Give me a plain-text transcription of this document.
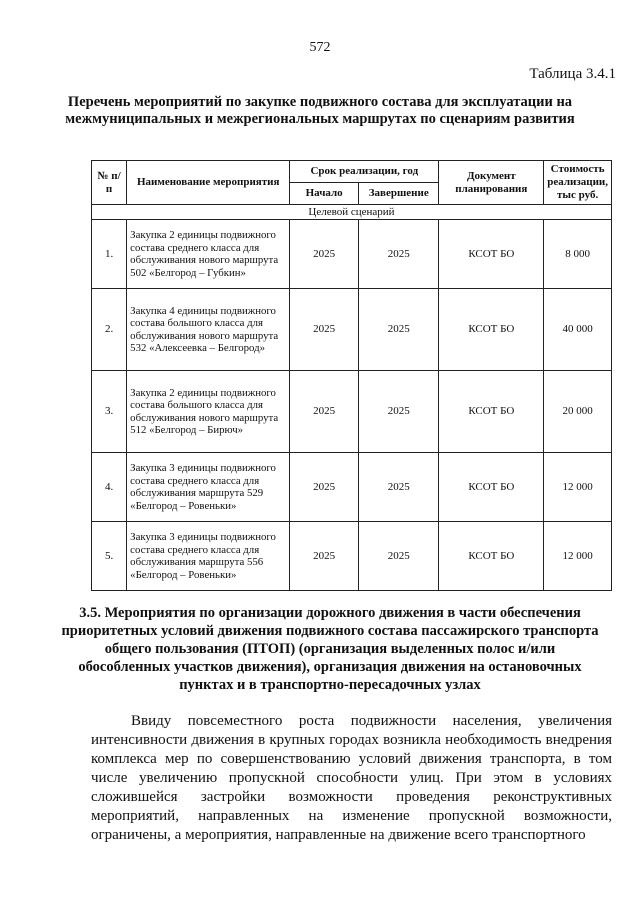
572
Таблица 3.4.1
Перечень мероприятий по закупке подвижного состава для эксплуатации на межмуниципальных и межрегиональных маршрутах по сценариям развития
№ п/п	Наименование мероприятия	Срок реализации, год		Документ планирования	Стоимость реализации, тыс руб.
		Начало	Завершение		
Целевой сценарий					
1.	Закупка 2 единицы подвижного состава среднего класса для обслуживания нового маршрута 502 «Белгород – Губкин»	2025	2025	КСОТ БО	8 000
2.	Закупка 4 единицы подвижного состава большого класса для обслуживания нового маршрута 532 «Алексеевка – Белгород»	2025	2025	КСОТ БО	40 000
3.	Закупка 2 единицы подвижного состава большого класса для обслуживания нового маршрута 512 «Белгород – Бирюч»	2025	2025	КСОТ БО	20 000
4.	Закупка 3 единицы подвижного состава среднего класса для обслуживания маршрута 529 «Белгород – Ровеньки»	2025	2025	КСОТ БО	12 000
5.	Закупка 3 единицы подвижного состава среднего класса для обслуживания маршрута 556 «Белгород – Ровеньки»	2025	2025	КСОТ БО	12 000
3.5. Мероприятия по организации дорожного движения в части обеспечения приоритетных условий движения подвижного состава пассажирского транспорта общего пользования (ПТОП) (организация выделенных полос и/или обособленных участков движения), организация движения на остановочных пунктах и в транспортно-пересадочных узлах

Ввиду повсеместного роста подвижности населения, увеличения интенсивности движения в крупных городах возникла необходимость внедрения комплекса мер по совершенствованию условий движения транспорта, в том числе увеличению пропускной способности улиц. При этом в условиях сложившейся застройки возможности проведения реконструктивных мероприятий, направленных на изменение пропускной возможности, ограничены, а мероприятия, направленные на движение всего транспортного
